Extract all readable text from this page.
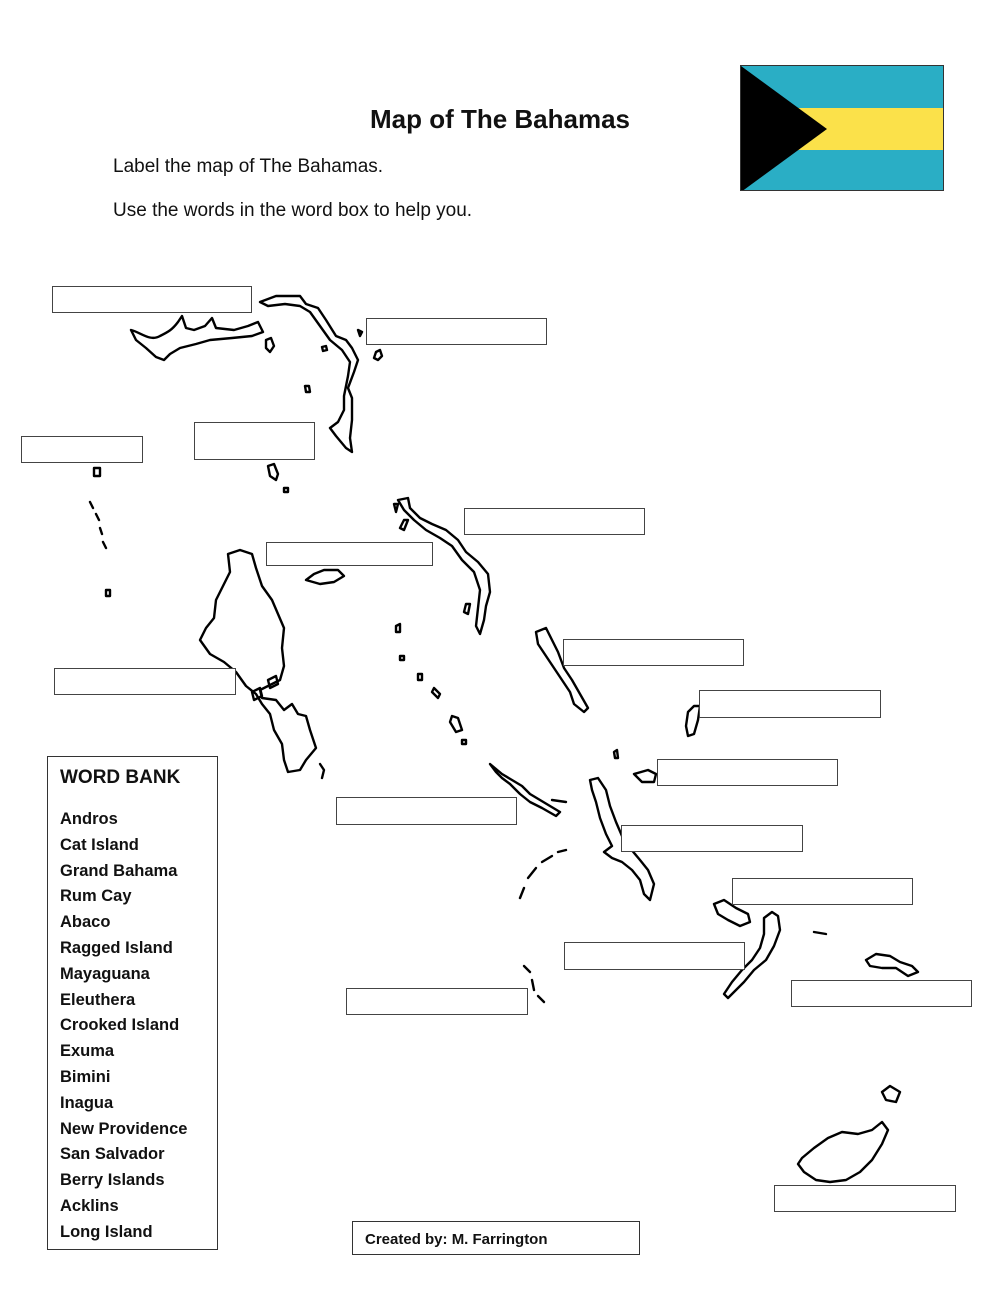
Map of The Bahamas
Label the map of The Bahamas.
Use the words in the word box to help you.
WORD BANK
Andros
Cat Island
Grand Bahama
Rum Cay
Abaco
Ragged Island
Mayaguana
Eleuthera
Crooked Island
Exuma
Bimini
Inagua
New Providence
San Salvador
Berry Islands
Acklins
Long Island	Created by: M. Farrington
